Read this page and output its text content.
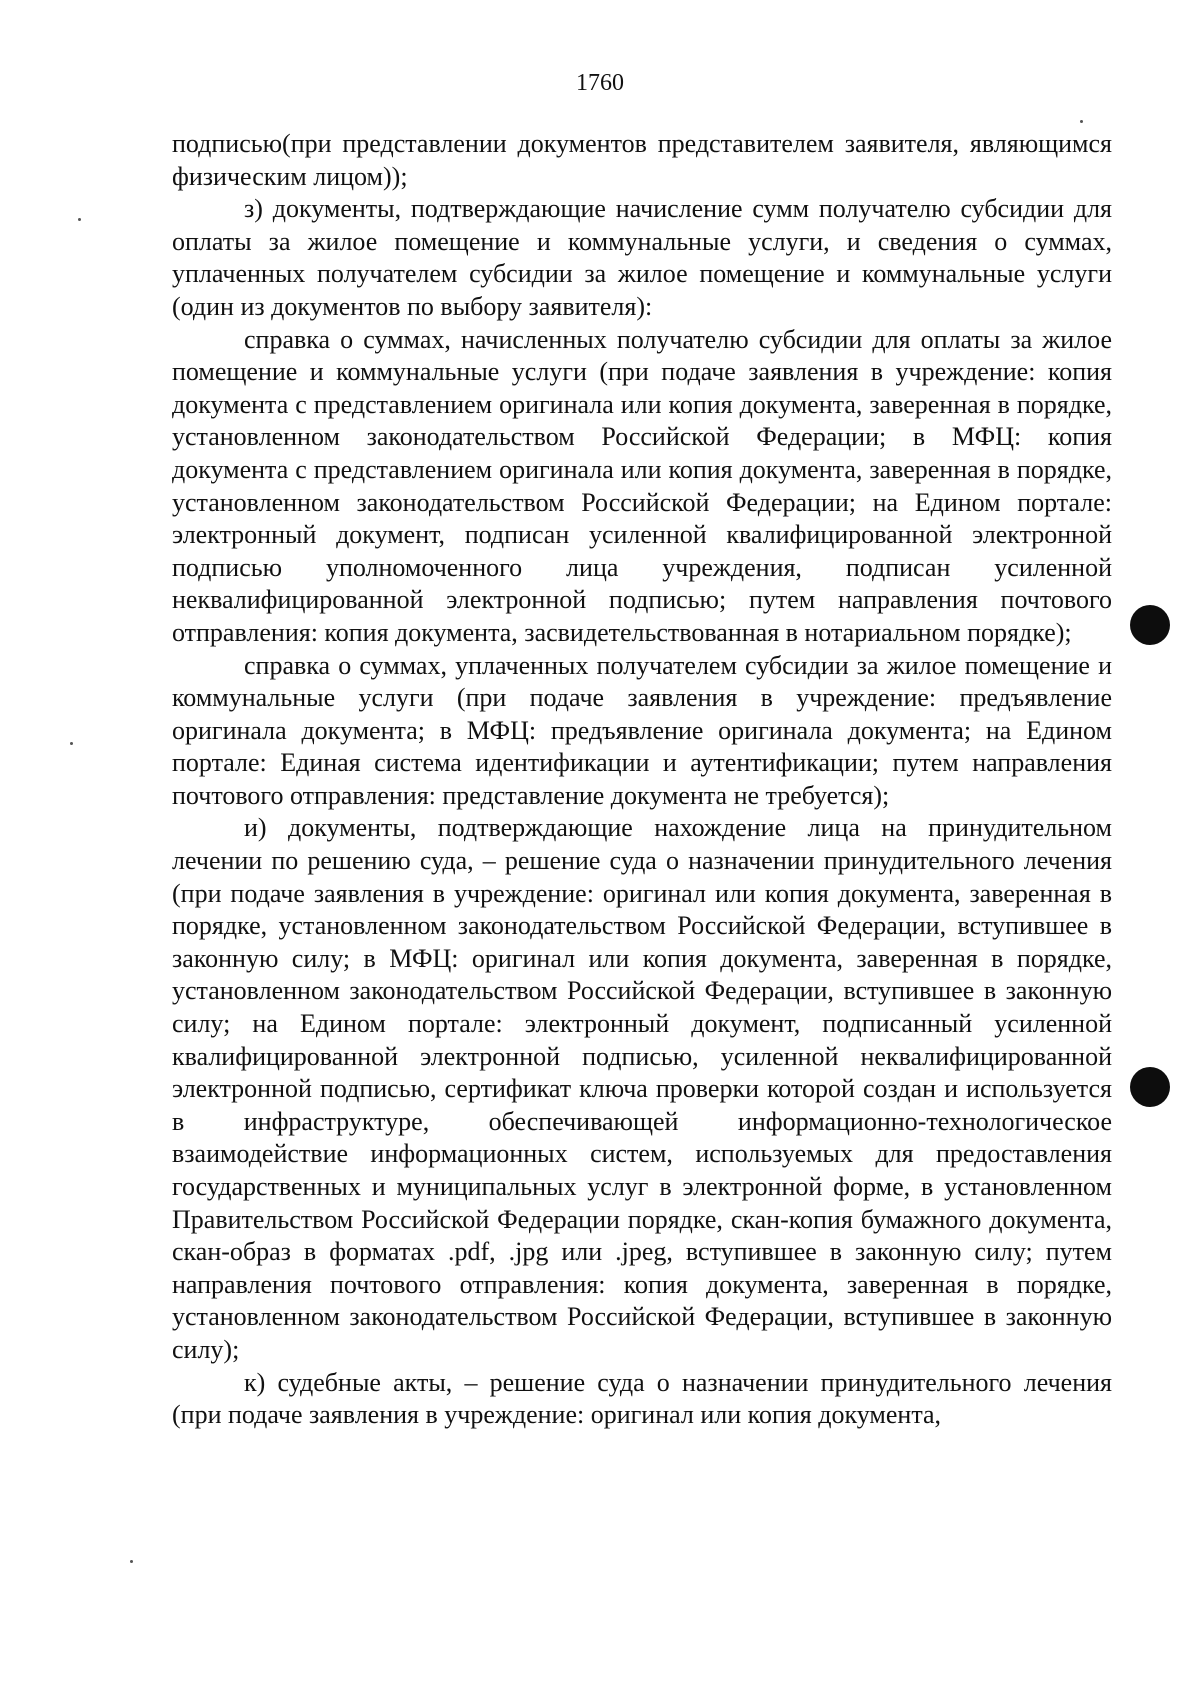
1760

подписью(при представлении документов представителем заявителя, являющимся физическим лицом));

з) документы, подтверждающие начисление сумм получателю субсидии для оплаты за жилое помещение и коммунальные услуги, и сведения о суммах, уплаченных получателем субсидии за жилое помещение и коммунальные услуги (один из документов по выбору заявителя):

справка о суммах, начисленных получателю субсидии для оплаты за жилое помещение и коммунальные услуги (при подаче заявления в учреждение: копия документа с представлением оригинала или копия документа, заверенная в порядке, установленном законодательством Российской Федерации; в МФЦ: копия документа с представлением оригинала или копия документа, заверенная в порядке, установленном законодательством Российской Федерации; на Едином портале: электронный документ, подписан усиленной квалифицированной электронной подписью уполномоченного лица учреждения, подписан усиленной неквалифицированной электронной подписью; путем направления почтового отправления: копия документа, засвидетельствованная в нотариальном порядке);

справка о суммах, уплаченных получателем субсидии за жилое помещение и коммунальные услуги (при подаче заявления в учреждение: предъявление оригинала документа; в МФЦ: предъявление оригинала документа; на Едином портале: Единая система идентификации и аутентификации; путем направления почтового отправления: представление документа не требуется);

и) документы, подтверждающие нахождение лица на принудительном лечении по решению суда, – решение суда о назначении принудительного лечения (при подаче заявления в учреждение: оригинал или копия документа, заверенная в порядке, установленном законодательством Российской Федерации, вступившее в законную силу; в МФЦ: оригинал или копия документа, заверенная в порядке, установленном законодательством Российской Федерации, вступившее в законную силу; на Едином портале: электронный документ, подписанный усиленной квалифицированной электронной подписью, усиленной неквалифицированной электронной подписью, сертификат ключа проверки которой создан и используется в инфраструктуре, обеспечивающей информационно-технологическое взаимодействие информационных систем, используемых для предоставления государственных и муниципальных услуг в электронной форме, в установленном Правительством Российской Федерации порядке, скан-копия бумажного документа, скан-образ в форматах .pdf, .jpg или .jpeg, вступившее в законную силу; путем направления почтового отправления: копия документа, заверенная в порядке, установленном законодательством Российской Федерации, вступившее в законную силу);

к) судебные акты, – решение суда о назначении принудительного лечения (при подаче заявления в учреждение: оригинал или копия документа,
